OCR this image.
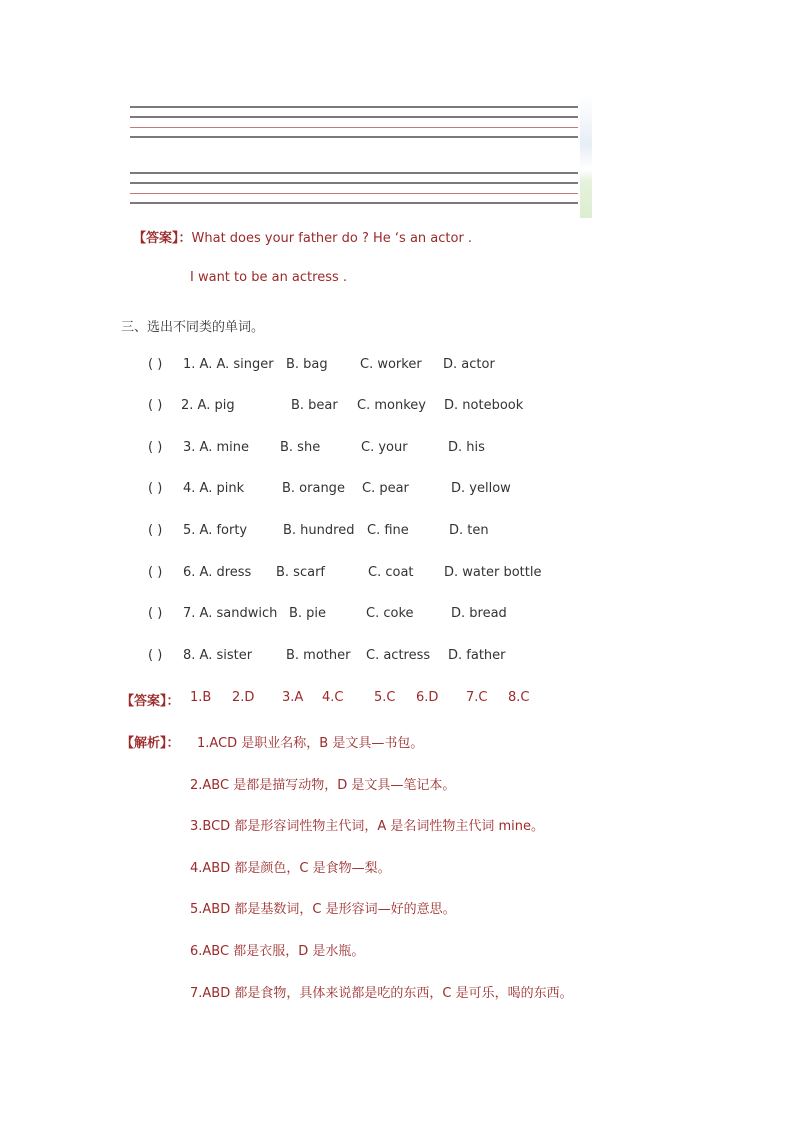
【答案】：What does your father do ? He ‘s an actor .
I want to be an actress .
三、选出不同类的单词。
( ) 1. A. A. singer B. bag C. worker D. actor
( ) 2. A. pig	B. bear C. monkey D. notebook
( ) 3. A. mine B. she	C. your	D. his
( ) 4. A. pink	B. orange C. pear	D. yellow
( ) 5. A. forty	B. hundred C. fine	D. ten
( ) 6. A. dress B. scarf	C. coat D. water bottle
( ) 7. A. sandwich B. pie	C. coke	D. bread
( ) 8. A. sister	B. mother C. actress D. father
【答案】： 1.B 2.D 3.A 4.C 5.C 6.D 7.C 8.C
【解析】： 1.ACD 是职业名称，B 是文具—书包。
2.ABC 是都是描写动物，D 是文具—笔记本。
3.BCD 都是形容词性物主代词，A 是名词性物主代词 mine。
4.ABD 都是颜色，C 是食物—梨。
5.ABD 都是基数词，C 是形容词—好的意思。
6.ABC 都是衣服，D 是水瓶。
7.ABD 都是食物，具体来说都是吃的东西，C 是可乐，喝的东西。
